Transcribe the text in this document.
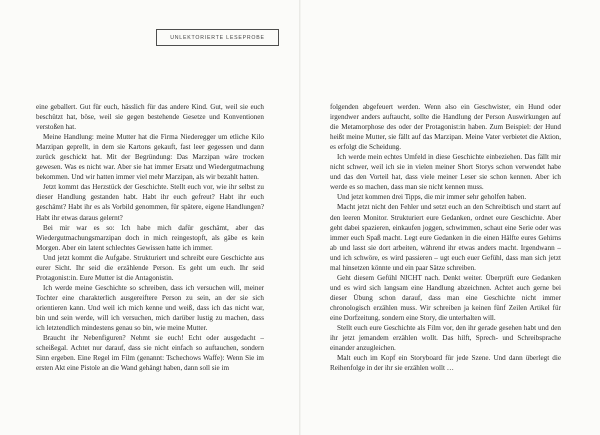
UNLEKTORIERTE LESEPROBE

eine geballert. Gut für euch, hässlich für das andere Kind. Gut, weil sie euch beschützt hat, böse, weil sie gegen bestehende Gesetze und Konventionen verstoßen hat.

Meine Handlung: meine Mutter hat die Firma Niederegger um etliche Kilo Marzipan geprellt, in dem sie Kartons gekauft, fast leer gegessen und dann zurück geschickt hat. Mit der Begründung: Das Marzipan wäre trocken gewesen. Was es nicht war. Aber sie hat immer Ersatz und Wiedergutmachung bekommen. Und wir hatten immer viel mehr Marzipan, als wir bezahlt hatten.

Jetzt kommt das Herzstück der Geschichte. Stellt euch vor, wie ihr selbst zu dieser Handlung gestanden habt. Habt ihr euch gefreut? Habt ihr euch geschämt? Habt ihr es als Vorbild genommen, für spätere, eigene Handlungen? Habt ihr etwas daraus gelernt?

Bei mir war es so: Ich habe mich dafür geschämt, aber das Wiedergutmachungsmarzipan doch in mich reingestopft, als gäbe es kein Morgen. Aber ein latent schlechtes Gewissen hatte ich immer.

Und jetzt kommt die Aufgabe. Strukturiert und schreibt eure Geschichte aus eurer Sicht. Ihr seid die erzählende Person. Es geht um euch. Ihr seid Protagonist:in. Eure Mutter ist die Antagonistin.

Ich werde meine Geschichte so schreiben, dass ich versuchen will, meiner Tochter eine charakterlich ausgereiftere Person zu sein, an der sie sich orientieren kann. Und weil ich mich kenne und weiß, dass ich das nicht war, bin und sein werde, will ich versuchen, mich darüber lustig zu machen, dass ich letztendlich mindestens genau so bin, wie meine Mutter.

Braucht ihr Nebenfiguren? Nehmt sie euch! Echt oder ausgedacht – scheißegal. Achtet nur darauf, dass sie nicht einfach so auftauchen, sondern Sinn ergeben. Eine Regel im Film (genannt: Tschechows Waffe): Wenn Sie im ersten Akt eine Pistole an die Wand gehängt haben, dann soll sie im

folgenden abgefeuert werden. Wenn also ein Geschwister, ein Hund oder irgendwer anders auftaucht, sollte die Handlung der Person Auswirkungen auf die Metamorphose des oder der Protagonist:in haben. Zum Beispiel: der Hund heißt meine Mutter, sie fällt auf das Marzipan. Meine Vater verbietet die Aktion, es erfolgt die Scheidung.

Ich werde mein echtes Umfeld in diese Geschichte einbeziehen. Das fällt mir nicht schwer, weil ich sie in vielen meiner Short Storys schon verwendet habe und das den Vorteil hat, dass viele meiner Leser sie schon kennen. Aber ich werde es so machen, dass man sie nicht kennen muss.

Und jetzt kommen drei Tipps, die mir immer sehr geholfen haben.

Macht jetzt nicht den Fehler und setzt euch an den Schreibtisch und starrt auf den leeren Monitor. Strukturiert eure Gedanken, ordnet eure Geschichte. Aber geht dabei spazieren, einkaufen joggen, schwimmen, schaut eine Serie oder was immer euch Spaß macht. Legt eure Gedanken in die einen Hälfte eures Gehirns ab und lasst sie dort arbeiten, während ihr etwas anders macht. Irgendwann – und ich schwöre, es wird passieren – ugt euch euer Gefühl, dass man sich jetzt mal hinsetzen könnte und ein paar Sätze schreiben.

Geht diesem Gefühl NICHT nach. Denkt weiter. Überprüft eure Gedanken und es wird sich langsam eine Handlung abzeichnen. Achtet auch gerne bei dieser Übung schon darauf, dass man eine Geschichte nicht immer chronologisch erzählen muss. Wir schreiben ja keinen fünf Zeilen Artikel für eine Dorfzeitung, sondern eine Story, die unterhalten will.

Stellt euch eure Geschichte als Film vor, den ihr gerade gesehen habt und den ihr jetzt jemandem erzählen wollt. Das hilft, Sprech- und Schreibsprache einander anzugleichen.

Malt euch im Kopf ein Storyboard für jede Szene. Und dann überlegt die Reihenfolge in der ihr sie erzählen wollt …
